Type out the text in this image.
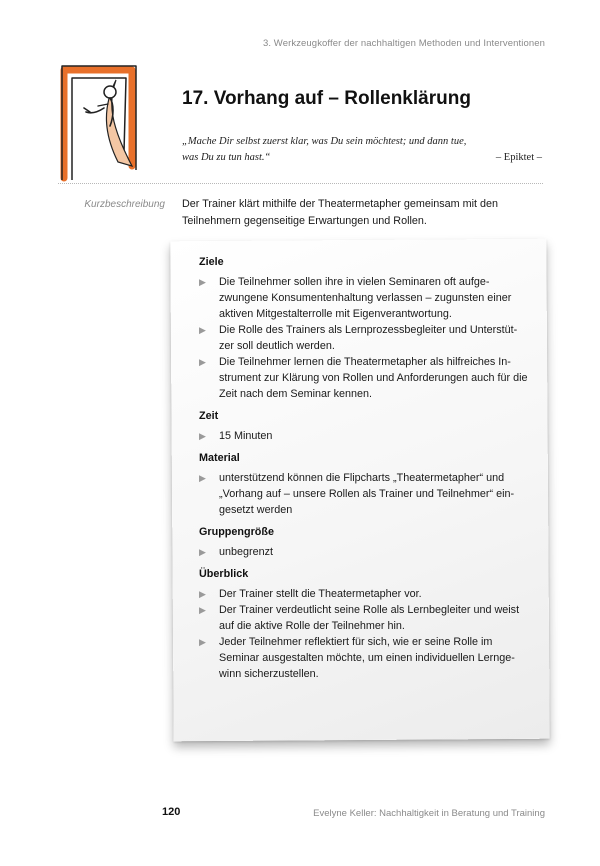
3. Werkzeugkoffer der nachhaltigen Methoden und Interventionen
17. Vorhang auf – Rollenklärung
„Mache Dir selbst zuerst klar, was Du sein möchtest; und dann tue,
was Du zu tun hast.“	– Epiktet –
Kurzbeschreibung Der Trainer klärt mithilfe der Theatermetapher gemeinsam mit den Teilnehmern gegenseitige Erwartungen und Rollen.
Ziele
▶ Die Teilnehmer sollen ihre in vielen Seminaren oft aufge- zwungene Konsumentenhaltung verlassen – zugunsten einer aktiven Mitgestalterrolle mit Eigenverantwortung.
▶ Die Rolle des Trainers als Lernprozessbegleiter und Unterstüt- zer soll deutlich werden.
▶ Die Teilnehmer lernen die Theatermetapher als hilfreiches In- strument zur Klärung von Rollen und Anforderungen auch für die Zeit nach dem Seminar kennen.
Zeit
▶ 15 Minuten
Material
▶ unterstützend können die Flipcharts „Theatermetapher“ und „Vorhang auf – unsere Rollen als Trainer und Teilnehmer“ ein- gesetzt werden
Gruppengröße
▶ unbegrenzt
Überblick
▶ Der Trainer stellt die Theatermetapher vor.
▶ Der Trainer verdeutlicht seine Rolle als Lernbegleiter und weist auf die aktive Rolle der Teilnehmer hin.
▶ Jeder Teilnehmer reflektiert für sich, wie er seine Rolle im Seminar ausgestalten möchte, um einen individuellen Lernge- winn sicherzustellen.
120	Evelyne Keller: Nachhaltigkeit in Beratung und Training
